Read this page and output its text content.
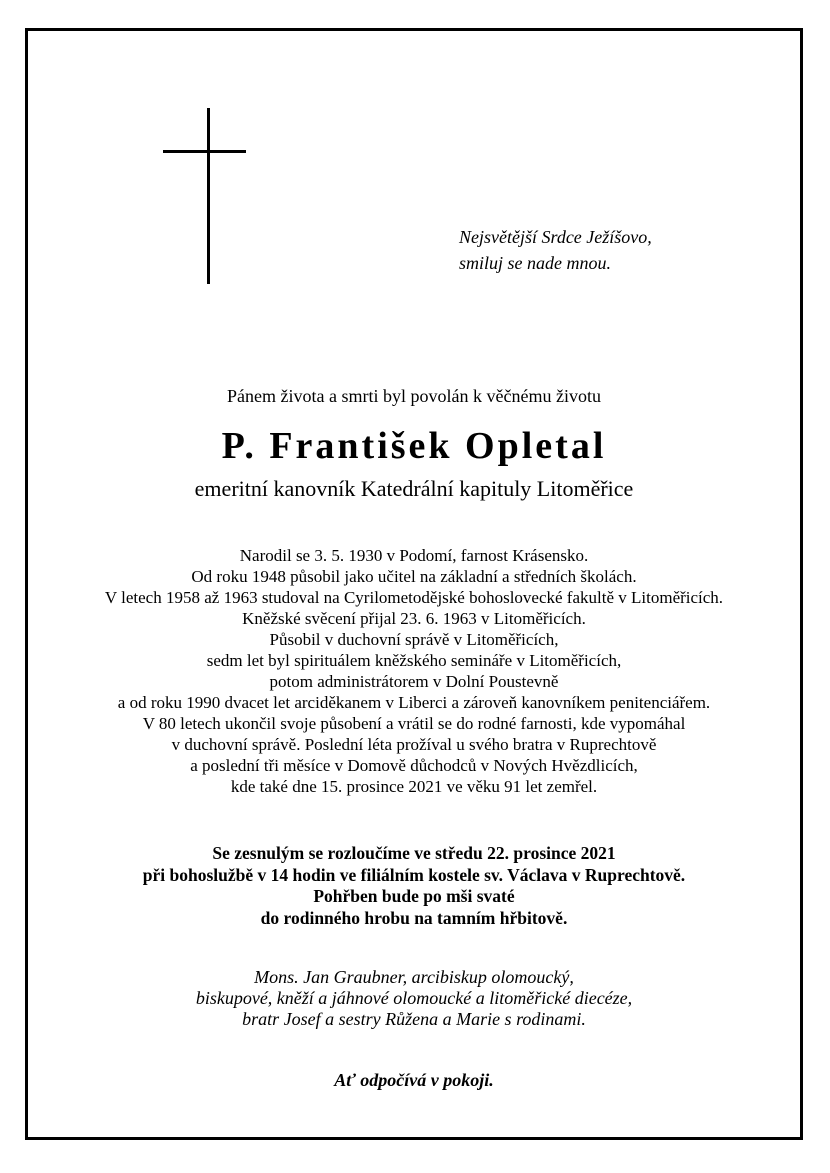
Nejsvětější Srdce Ježíšovo,
smiluj se nade mnou.
Pánem života a smrti byl povolán k věčnému životu
P. František Opletal
emeritní kanovník Katedrální kapituly Litoměřice
Narodil se 3. 5. 1930 v Podomí, farnost Krásensko.
Od roku 1948 působil jako učitel na základní a středních školách.
V letech 1958 až 1963 studoval na Cyrilometodějské bohoslovecké fakultě v Litoměřicích.
Kněžské svěcení přijal 23. 6. 1963 v Litoměřicích.
Působil v duchovní správě v Litoměřicích,
sedm let byl spirituálem kněžského semináře v Litoměřicích,
potom administrátorem v Dolní Poustevně
a od roku 1990 dvacet let arciděkanem v Liberci a zároveň kanovníkem penitenciářem.
V 80 letech ukončil svoje působení a vrátil se do rodné farnosti, kde vypomáhal
v duchovní správě. Poslední léta prožíval u svého bratra v Ruprechtově
a poslední tři měsíce v Domově důchodců v Nových Hvězdlicích,
kde také dne 15. prosince 2021 ve věku 91 let zemřel.
Se zesnulým se rozloučíme ve středu 22. prosince 2021
při bohoslužbě v 14 hodin ve filiálním kostele sv. Václava v Ruprechtově.
Pohřben bude po mši svaté
do rodinného hrobu na tamním hřbitově.
Mons. Jan Graubner, arcibiskup olomoucký,
biskupové, kněží a jáhnové olomoucké a litoměřické diecéze,
bratr Josef a sestry Růžena a Marie s rodinami.
Ať odpočívá v pokoji.
